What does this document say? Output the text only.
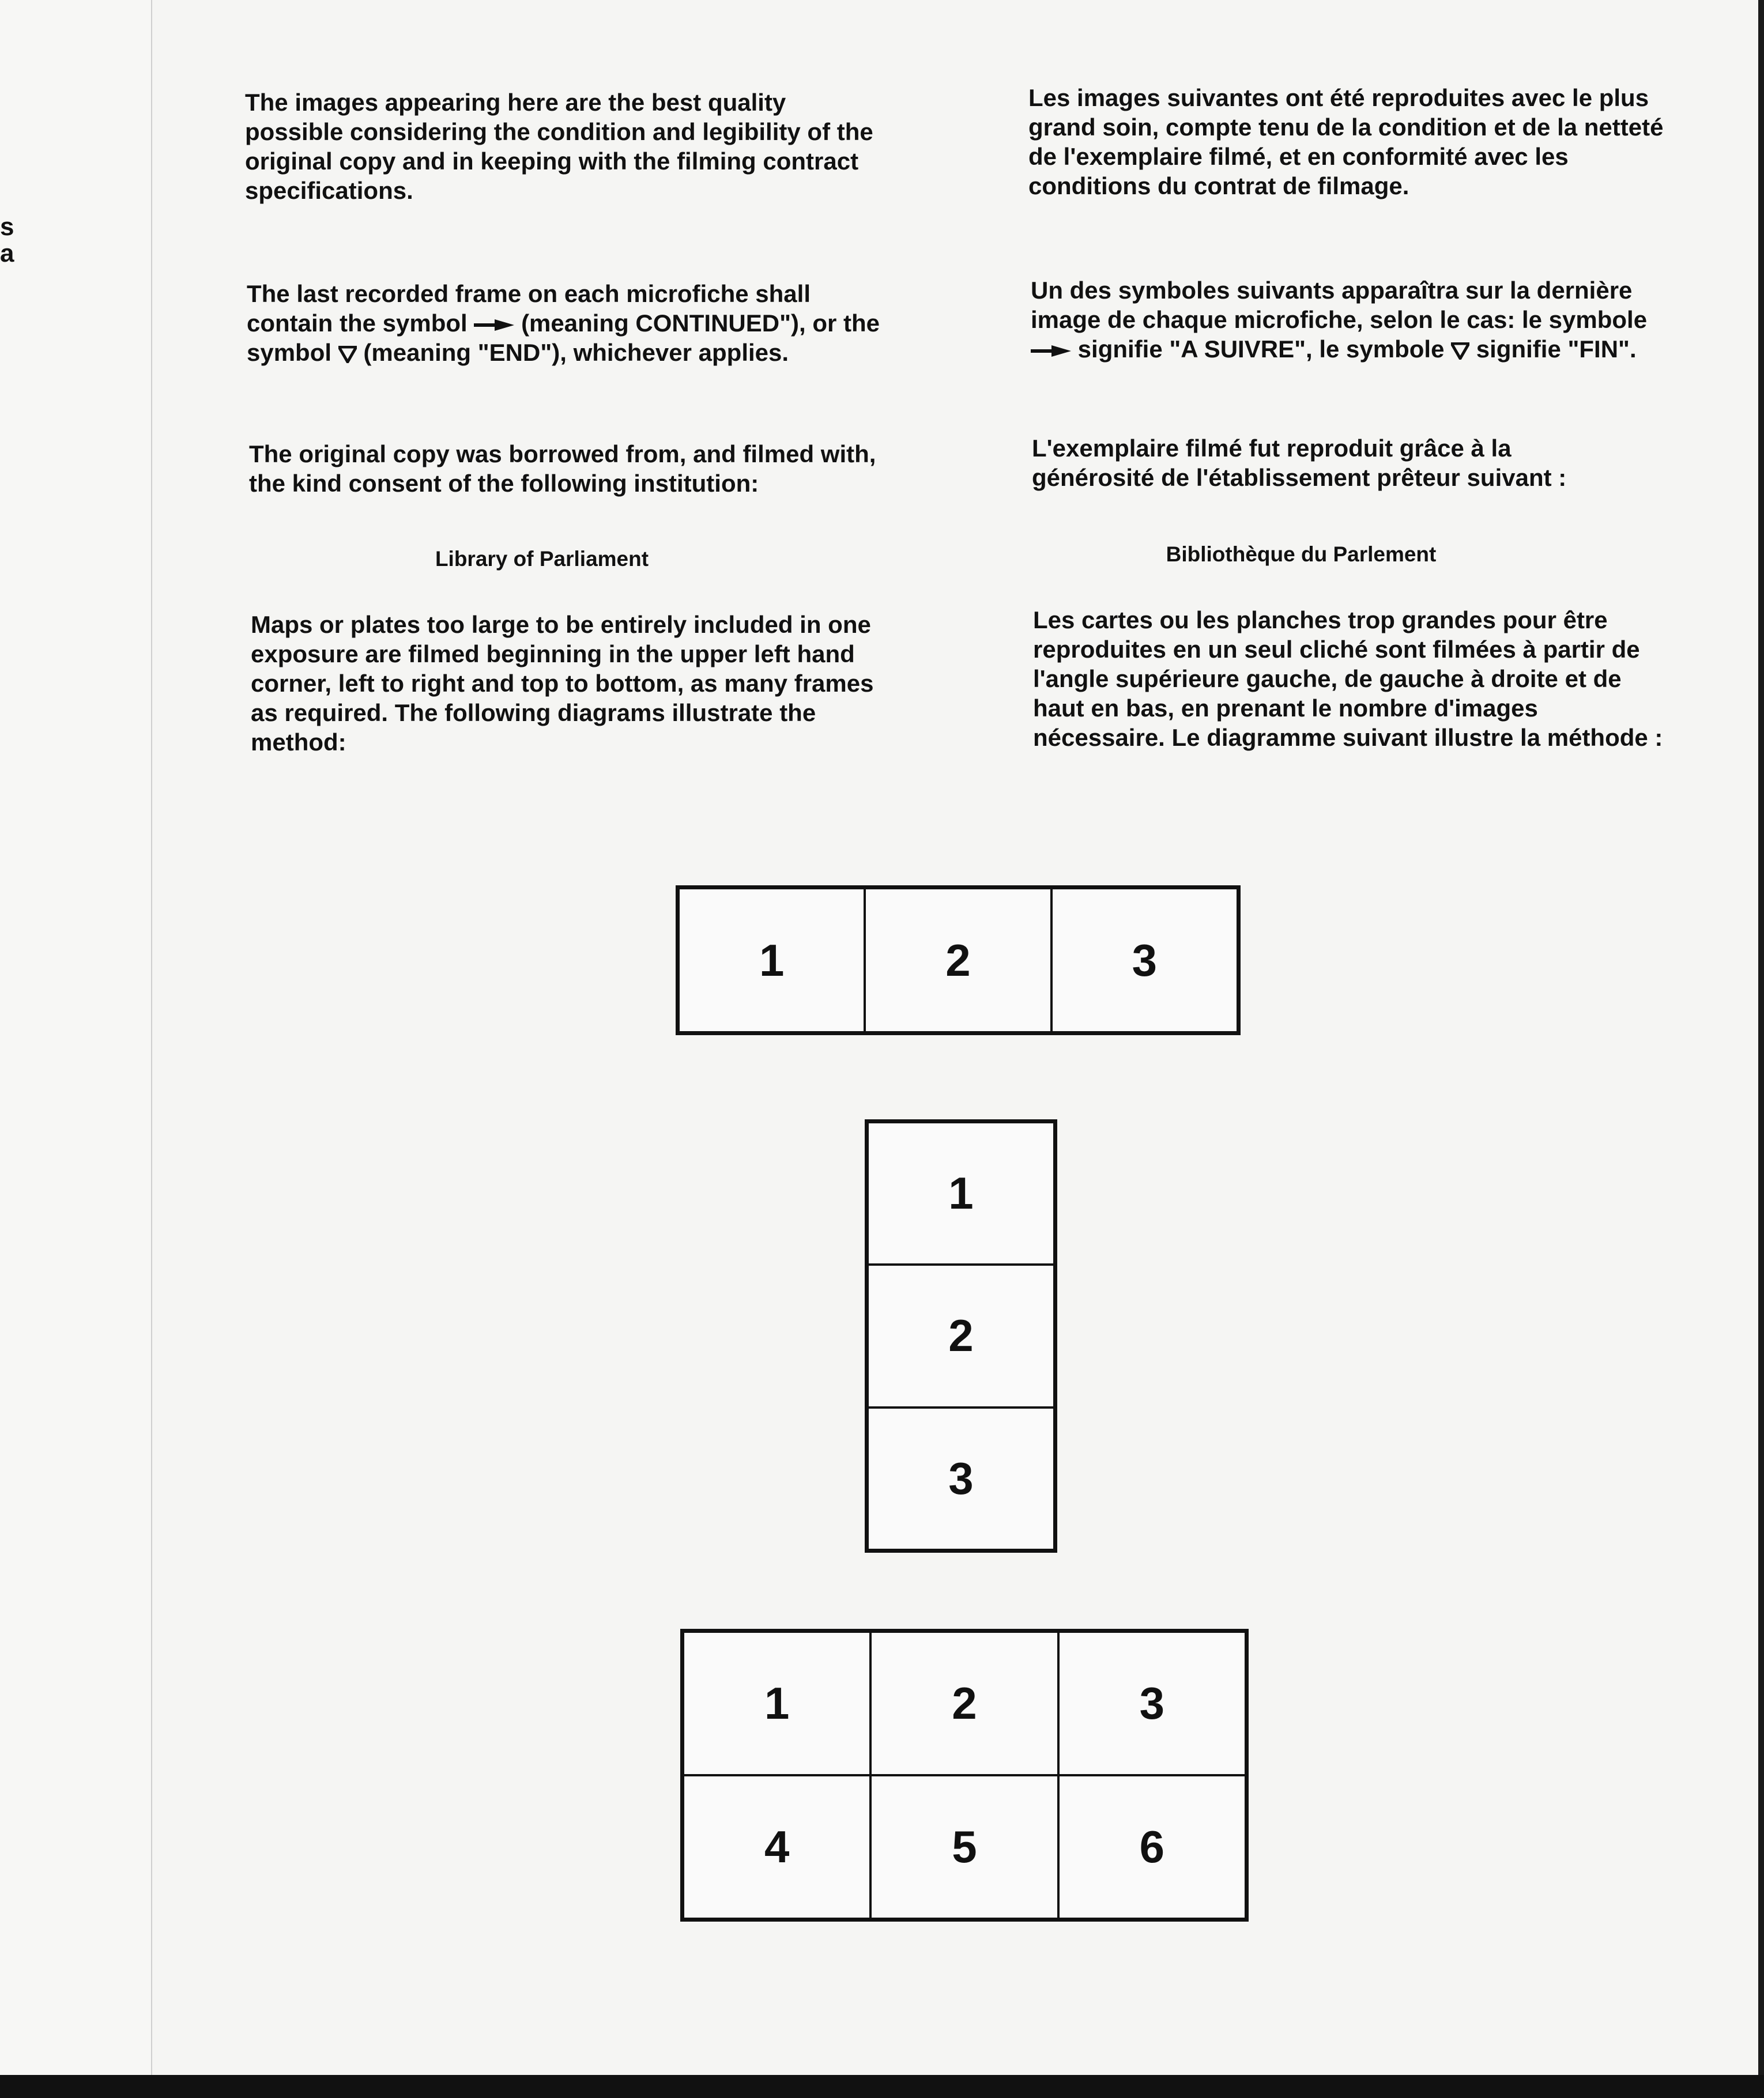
s
a

The images appearing here are the best quality possible considering the condition and legibility of the original copy and in keeping with the filming contract specifications.

The last recorded frame on each microfiche shall contain the symbol (meaning CONTINUED"), or the symbol (meaning "END"), whichever applies.

The original copy was borrowed from, and filmed with, the kind consent of the following institution:

Library of Parliament

Maps or plates too large to be entirely included in one exposure are filmed beginning in the upper left hand corner, left to right and top to bottom, as many frames as required. The following diagrams illustrate the method:

Les images suivantes ont été reproduites avec le plus grand soin, compte tenu de la condition et de la netteté de l'exemplaire filmé, et en conformité avec les conditions du contrat de filmage.

Un des symboles suivants apparaîtra sur la dernière image de chaque microfiche, selon le cas: le symbole  signifie "A SUIVRE", le symbole signifie "FIN".

L'exemplaire filmé fut reproduit grâce à la générosité de l'établissement prêteur suivant :

Bibliothèque du Parlement

Les cartes ou les planches trop grandes pour être reproduites en un seul cliché sont filmées à partir de l'angle supérieure gauche, de gauche à droite et de haut en bas, en prenant le nombre d'images nécessaire. Le diagramme suivant illustre la méthode :

1	2	3
1
2
3
1	2	3
4	5	6
